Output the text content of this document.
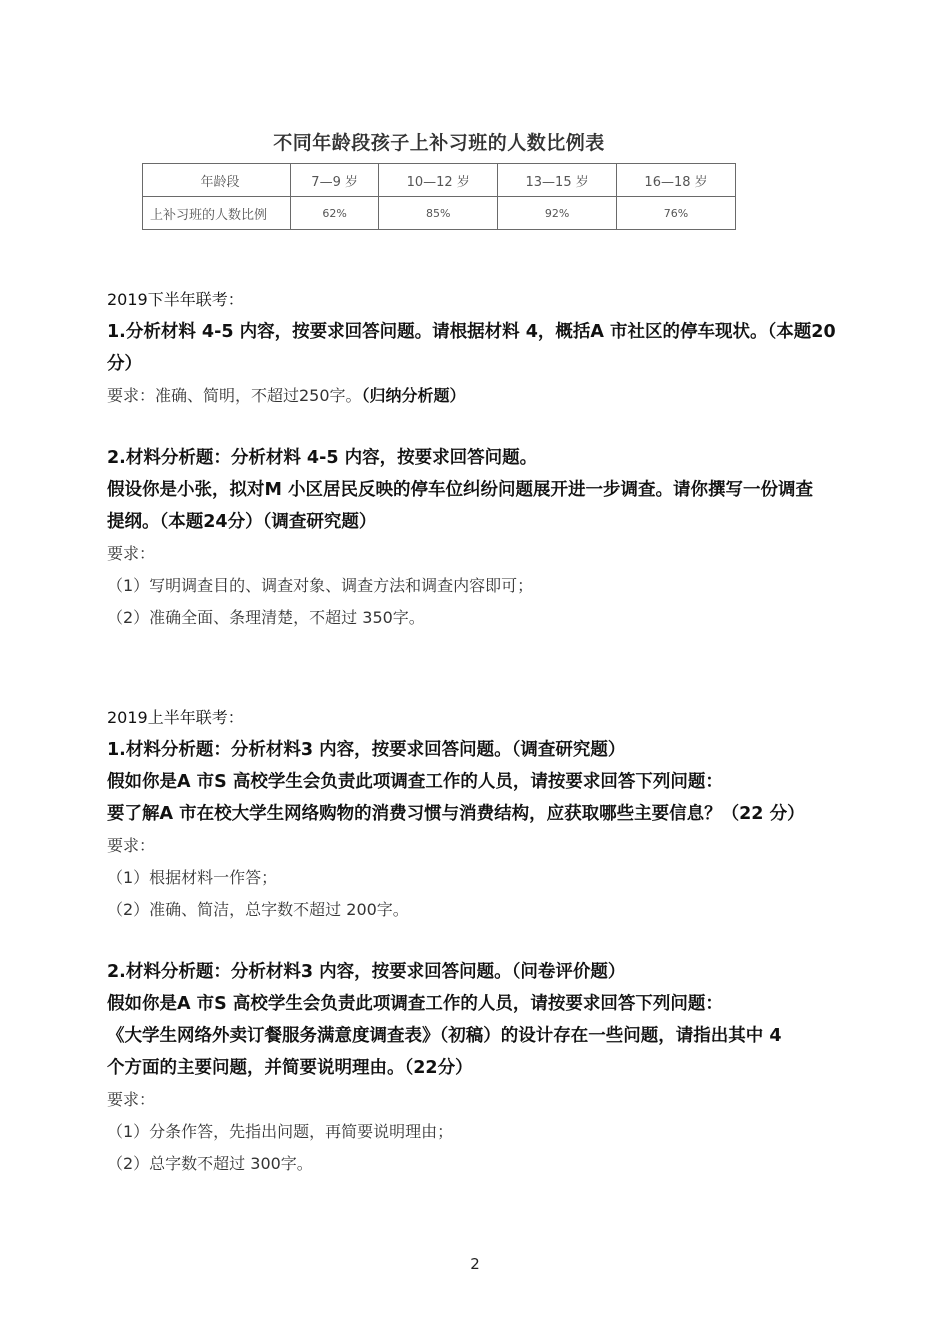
不同年龄段孩子上补习班的人数比例表
年龄段	7—9 岁	10—12 岁	13—15 岁	16—18 岁
上补习班的人数比例	62%	85%	92%	76%

2019下半年联考：

1.分析材料 4-5 内容，按要求回答问题。请根据材料 4，概括A 市社区的停车现状。（本题20

分）

要求：准确、简明，不超过250字。（归纳分析题）

2.材料分析题：分析材料 4-5 内容，按要求回答问题。

假设你是小张，拟对M 小区居民反映的停车位纠纷问题展开进一步调查。请你撰写一份调查

提纲。（本题24分）（调查研究题）

要求：

（1）写明调查目的、调查对象、调查方法和调查内容即可；

（2）准确全面、条理清楚，不超过 350字。

2019上半年联考：

1.材料分析题：分析材料3 内容，按要求回答问题。（调查研究题）

假如你是A 市S 高校学生会负责此项调查工作的人员，请按要求回答下列问题：

要了解A 市在校大学生网络购物的消费习惯与消费结构，应获取哪些主要信息？（22 分）

要求：

（1）根据材料一作答；

（2）准确、简洁，总字数不超过 200字。

2.材料分析题：分析材料3 内容，按要求回答问题。（问卷评价题）

假如你是A 市S 高校学生会负责此项调查工作的人员，请按要求回答下列问题：

《大学生网络外卖订餐服务满意度调查表》（初稿）的设计存在一些问题，请指出其中 4

个方面的主要问题，并简要说明理由。（22分）

要求：

（1）分条作答，先指出问题，再简要说明理由；

（2）总字数不超过 300字。

2
